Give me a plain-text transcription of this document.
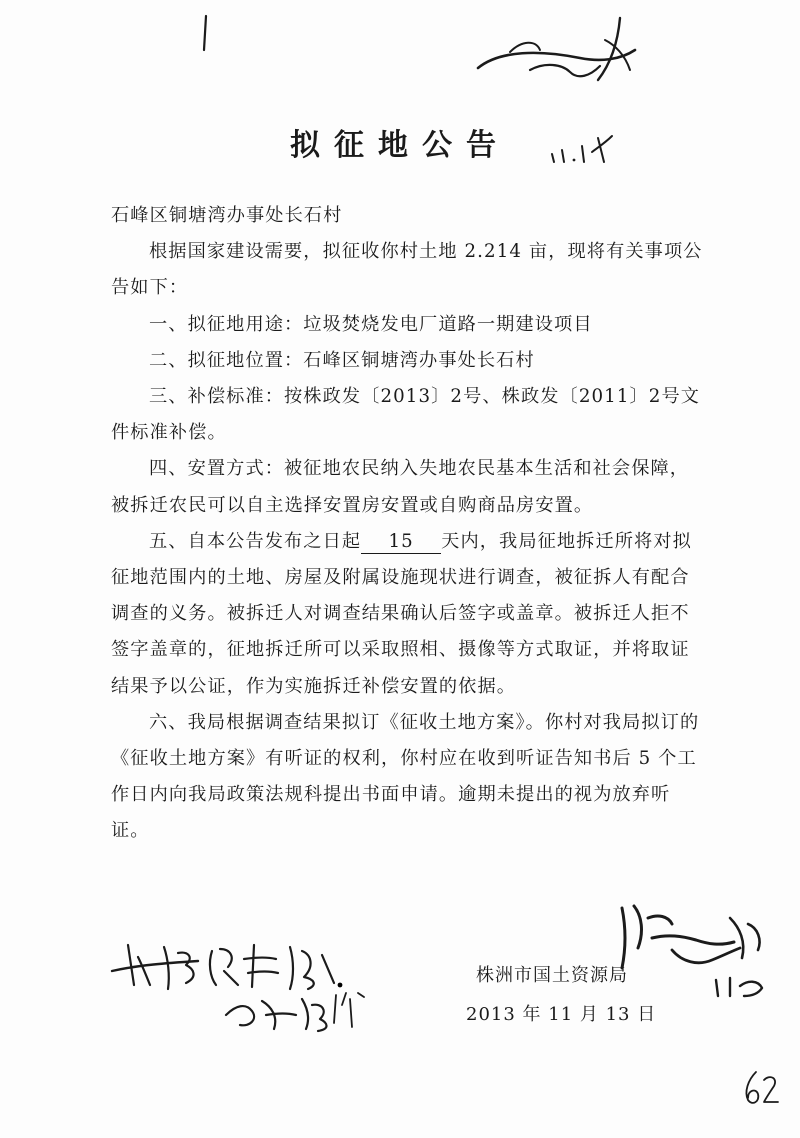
拟征地公告

石峰区铜塘湾办事处长石村

根据国家建设需要，拟征收你村土地 2.214 亩，现将有关事项公告如下：

一、拟征地用途：垃圾焚烧发电厂道路一期建设项目

二、拟征地位置：石峰区铜塘湾办事处长石村

三、补偿标准：按株政发〔2013〕2号、株政发〔2011〕2号文件标准补偿。

四、安置方式：被征地农民纳入失地农民基本生活和社会保障，被拆迁农民可以自主选择安置房安置或自购商品房安置。

五、自本公告发布之日起 15 天内，我局征地拆迁所将对拟征地范围内的土地、房屋及附属设施现状进行调查，被征拆人有配合调查的义务。被拆迁人对调查结果确认后签字或盖章。被拆迁人拒不签字盖章的，征地拆迁所可以采取照相、摄像等方式取证，并将取证结果予以公证，作为实施拆迁补偿安置的依据。

六、我局根据调查结果拟订《征收土地方案》。你村对我局拟订的《征收土地方案》有听证的权利，你村应在收到听证告知书后 5 个工作日内向我局政策法规科提出书面申请。逾期未提出的视为放弃听证。

株洲市国土资源局
2013 年 11 月 13 日
